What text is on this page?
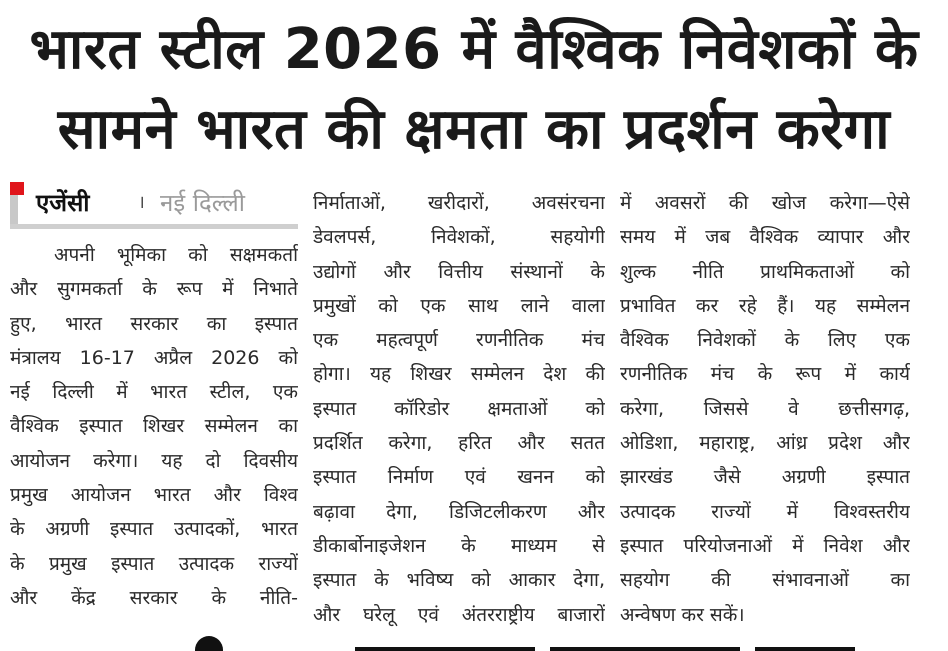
भारत स्टील 2026 में वैश्विक निवेशकों के
सामने भारत की क्षमता का प्रदर्शन करेगा
एजेंसी	। नई दिल्ली
अपनी भूमिका को सक्षमकर्ता
और सुगमकर्ता के रूप में निभाते
हुए, भारत सरकार का इस्पात
मंत्रालय 16-17 अप्रैल 2026 को
नई दिल्ली में भारत स्टील, एक
वैश्विक इस्पात शिखर सम्मेलन का
आयोजन करेगा। यह दो दिवसीय
प्रमुख आयोजन भारत और विश्व
के अग्रणी इस्पात उत्पादकों, भारत
के प्रमुख इस्पात उत्पादक राज्यों
और केंद्र सरकार के नीति-
निर्माताओं, खरीदारों, अवसंरचना
डेवलपर्स, निवेशकों, सहयोगी
उद्योगों और वित्तीय संस्थानों के
प्रमुखों को एक साथ लाने वाला
एक महत्वपूर्ण रणनीतिक मंच
होगा। यह शिखर सम्मेलन देश की
इस्पात कॉरिडोर क्षमताओं को
प्रदर्शित करेगा, हरित और सतत
इस्पात निर्माण एवं खनन को
बढ़ावा देगा, डिजिटलीकरण और
डीकार्बोनाइजेशन के माध्यम से
इस्पात के भविष्य को आकार देगा,
और घरेलू एवं अंतरराष्ट्रीय बाजारों
में अवसरों की खोज करेगा—ऐसे
समय में जब वैश्विक व्यापार और
शुल्क नीति प्राथमिकताओं को
प्रभावित कर रहे हैं। यह सम्मेलन
वैश्विक निवेशकों के लिए एक
रणनीतिक मंच के रूप में कार्य
करेगा, जिससे वे छत्तीसगढ़,
ओडिशा, महाराष्ट्र, आंध्र प्रदेश और
झारखंड जैसे अग्रणी इस्पात
उत्पादक राज्यों में विश्वस्तरीय
इस्पात परियोजनाओं में निवेश और
सहयोग की संभावनाओं का
अन्वेषण कर सकें।
